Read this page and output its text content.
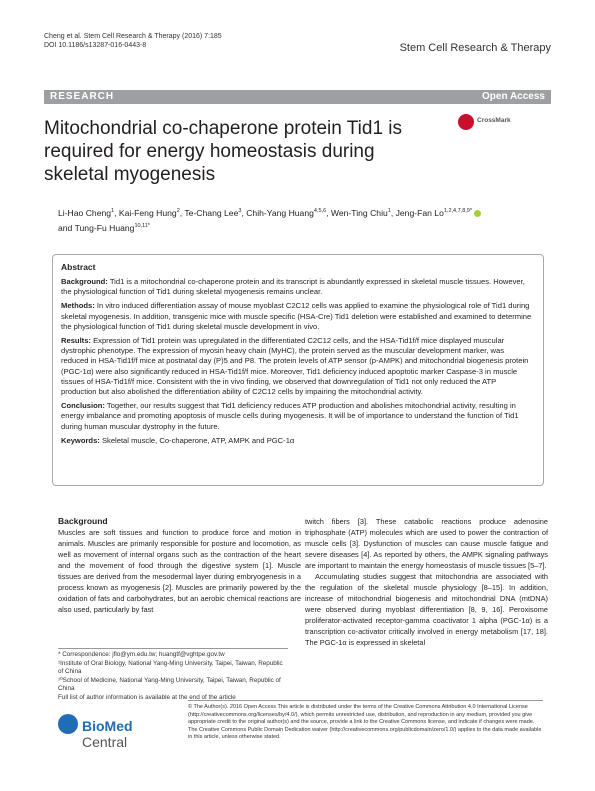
Cheng et al. Stem Cell Research & Therapy (2016) 7:185
DOI 10.1186/s13287-016-0443-8	Stem Cell Research & Therapy
RESEARCH	Open Access
Mitochondrial co-chaperone protein Tid1 is required for energy homeostasis during skeletal myogenesis
CrossMark
Li-Hao Cheng$^1$, Kai-Feng Hung$^2$, Te-Chang Lee$^3$, Chih-Yang Huang$^{4,5,6}$, Wen-Ting Chiu$^1$, Jeng-Fan $Lo^{1,2,4,7,8,9*}$
and Tung-Fu Huang$^{10,11*}$
Abstract

Background: Tid1 is a mitochondrial co-chaperone protein and its transcript is abundantly expressed in skeletal muscle tissues. However, the physiological function of Tid1 during skeletal myogenesis remains unclear.

Methods: In vitro induced differentiation assay of mouse myoblast C2C12 cells was applied to examine the physiological role of Tid1 during skeletal myogenesis. In addition, transgenic mice with muscle specific (HSA-Cre) Tid1 deletion were established and examined to determine the physiological function of Tid1 during skeletal muscle development in vivo.

Results: Expression of Tid1 protein was upregulated in the differentiated C2C12 cells, and the HSA-Tid1f/f mice displayed muscular dystrophic phenotype. The expression of myosin heavy chain (MyHC), the protein served as the muscular development marker, was reduced in HSA-Tid1f/f mice at postnatal day (P)5 and P8. The protein levels of ATP sensor (p-AMPK) and mitochondrial biogenesis protein (PGC-1α) were also significantly reduced in HSA-Tid1f/f mice. Moreover, Tid1 deficiency induced apoptotic marker Caspase-3 in muscle tissues of HSA-Tid1f/f mice. Consistent with the in vivo finding, we observed that downregulation of Tid1 not only reduced the ATP production but also abolished the differentiation ability of C2C12 cells by impairing the mitochondrial activity.

Conclusion: Together, our results suggest that Tid1 deficiency reduces ATP production and abolishes mitochondrial activity, resulting in energy imbalance and promoting apoptosis of muscle cells during myogenesis. It will be of importance to understand the function of Tid1 during human muscular dystrophy in the future.

Keywords: Skeletal muscle, Co-chaperone, ATP, AMPK and PGC-1α

Background

Muscles are soft tissues and function to produce force and motion in animals. Muscles are primarily responsible for posture and locomotion, as well as movement of internal organs such as the contraction of the heart and the movement of food through the digestive system [1]. Muscle tissues are derived from the mesodermal layer during embryogenesis in a process known as myogenesis [2]. Muscles are primarily powered by the oxidation of fats and carbohydrates, but an aerobic chemical reactions are also used, particularly by fast

twitch fibers [3]. These catabolic reactions produce adenosine triphosphate (ATP) molecules which are used to power the contraction of muscle cells [3]. Dysfunction of muscles can cause muscle fatigue and severe diseases [4]. As reported by others, the AMPK signaling pathways are important to maintain the energy homeostasis of muscle tissues [5–7].

Accumulating studies suggest that mitochondria are associated with the regulation of the skeletal muscle physiology [8–15]. In addition, increase of mitochondrial biogenesis and mitochondrial DNA (mtDNA) were observed during myoblast differentiation [8, 9, 16]. Peroxisome proliferator-activated receptor-gamma coactivator 1 alpha (PGC-1α) is a transcription co-activator critically involved in energy metabolism [17, 18]. The PGC-1α is expressed in skeletal

* Correspondence: jflo@ym.edu.tw; huangtf@vghtpe.gov.tw

¹Institute of Oral Biology, National Yang-Ming University, Taipei, Taiwan, Republic of China

¹⁰School of Medicine, National Yang-Ming University, Taipei, Taiwan, Republic of China

Full list of author information is available at the end of the article

BioMed Central
© The Author(s). 2016 Open Access This article is distributed under the terms of the Creative Commons Attribution 4.0 International License (http://creativecommons.org/licenses/by/4.0/), which permits unrestricted use, distribution, and reproduction in any medium, provided you give appropriate credit to the original author(s) and the source, provide a link to the Creative Commons license, and indicate if changes were made. The Creative Commons Public Domain Dedication waiver (http://creativecommons.org/publicdomain/zero/1.0/) applies to the data made available in this article, unless otherwise stated.
